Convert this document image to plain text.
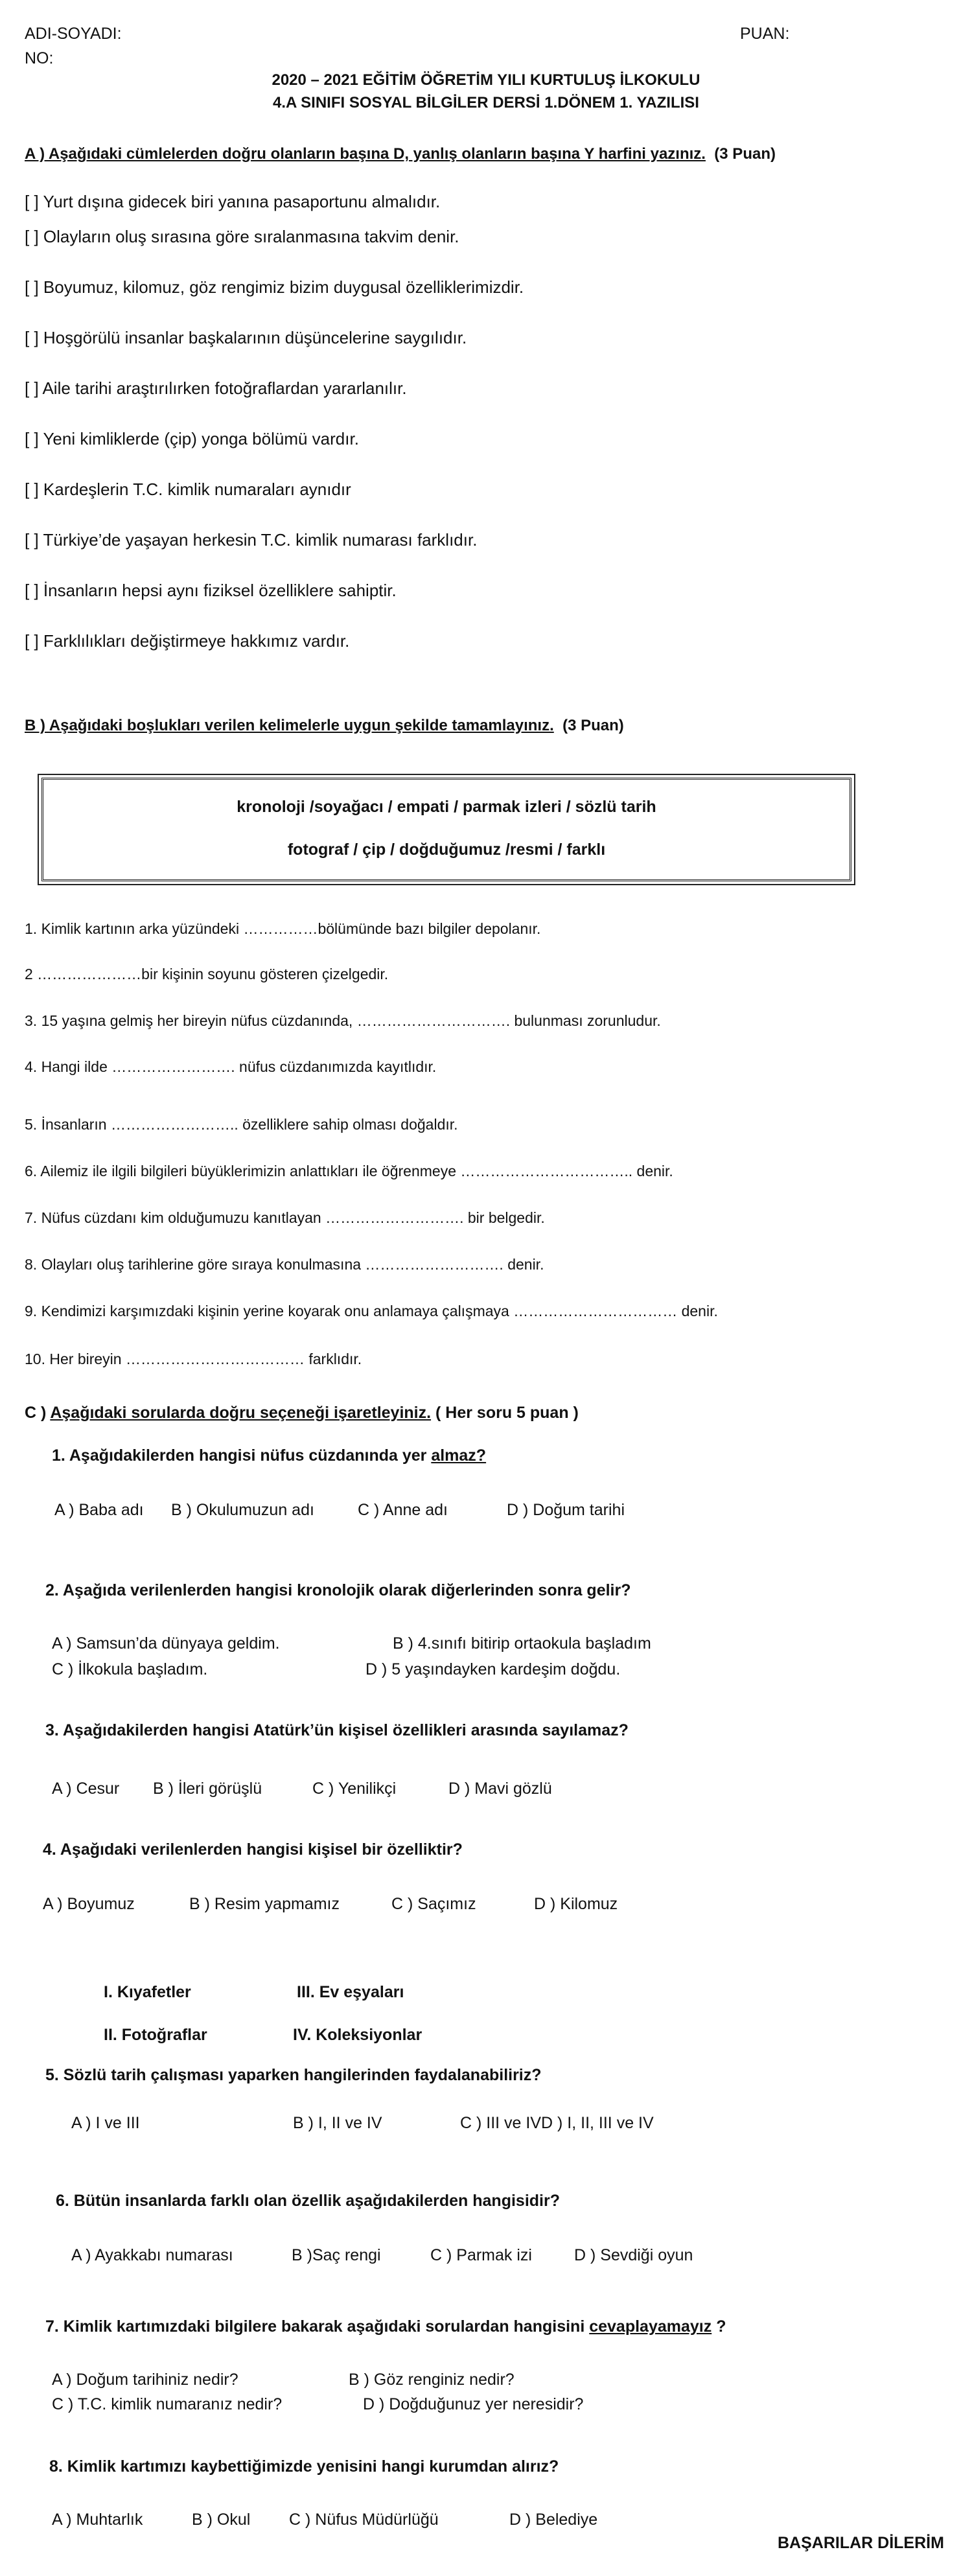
ADI-SOYADI:
NO:
PUAN:
2020 – 2021 EĞİTİM ÖĞRETİM YILI KURTULUŞ İLKOKULU
4.A SINIFI SOSYAL BİLGİLER DERSİ 1.DÖNEM 1. YAZILISI
A ) Aşağıdaki cümlelerden doğru olanların başına D, yanlış olanların başına Y harfini yazınız. (3 Puan)
[ ] Yurt dışına gidecek biri yanına pasaportunu almalıdır.
[ ] Olayların oluş sırasına göre sıralanmasına takvim denir.
[ ] Boyumuz, kilomuz, göz rengimiz bizim duygusal özelliklerimizdir.
[ ] Hoşgörülü insanlar başkalarının düşüncelerine saygılıdır.
[ ] Aile tarihi araştırılırken fotoğraflardan yararlanılır.
[ ] Yeni kimliklerde (çip) yonga bölümü vardır.
[ ] Kardeşlerin T.C. kimlik numaraları aynıdır
[ ] Türkiye’de yaşayan herkesin T.C. kimlik numarası farklıdır.
[ ] İnsanların hepsi aynı fiziksel özelliklere sahiptir.
[ ] Farklılıkları değiştirmeye hakkımız vardır.
B ) Aşağıdaki boşlukları verilen kelimelerle uygun şekilde tamamlayınız. (3 Puan)
kronoloji /soyağacı / empati / parmak izleri / sözlü tarih
fotograf / çip / doğduğumuz /resmi / farklı
1. Kimlik kartının arka yüzündeki ……………bölümünde bazı bilgiler depolanır.
2 …………………bir kişinin soyunu gösteren çizelgedir.
3. 15 yaşına gelmiş her bireyin nüfus cüzdanında, …………………………. bulunması zorunludur.
4. Hangi ilde ……………………. nüfus cüzdanımızda kayıtlıdır.
5. İnsanların …………………….. özelliklere sahip olması doğaldır.
6. Ailemiz ile ilgili bilgileri büyüklerimizin anlattıkları ile öğrenmeye …………………………….. denir.
7. Nüfus cüzdanı kim olduğumuzu kanıtlayan ………………………. bir belgedir.
8. Olayları oluş tarihlerine göre sıraya konulmasına ………………………. denir.
9. Kendimizi karşımızdaki kişinin yerine koyarak onu anlamaya çalışmaya …………………………… denir.
10. Her bireyin ……………………………… farklıdır.
C ) Aşağıdaki sorularda doğru seçeneği işaretleyiniz. ( Her soru 5 puan )
1. Aşağıdakilerden hangisi nüfus cüzdanında yer almaz?
A ) Baba adı B ) Okulumuzun adı	C ) Anne adı	D ) Doğum tarihi
2. Aşağıda verilenlerden hangisi kronolojik olarak diğerlerinden sonra gelir?
A ) Samsun’da dünyaya geldim.	B ) 4.sınıfı bitirip ortaokula başladım
C ) İlkokula başladım.	D ) 5 yaşındayken kardeşim doğdu.
3. Aşağıdakilerden hangisi Atatürk’ün kişisel özellikleri arasında sayılamaz?
A ) Cesur B ) İleri görüşlü	C ) Yenilikçi	D ) Mavi gözlü
4. Aşağıdaki verilenlerden hangisi kişisel bir özelliktir?
A ) Boyumuz	B ) Resim yapmamız	C ) Saçımız	D ) Kilomuz
I. Kıyafetler	III. Ev eşyaları
II. Fotoğraflar	IV. Koleksiyonlar
5. Sözlü tarih çalışması yaparken hangilerinden faydalanabiliriz?
A ) I ve III	B ) I, II ve IV	C ) III ve IVD ) I, II, III ve IV
6. Bütün insanlarda farklı olan özellik aşağıdakilerden hangisidir?
A ) Ayakkabı numarası	B )Saç rengi	C ) Parmak izi	D ) Sevdiği oyun
7. Kimlik kartımızdaki bilgilere bakarak aşağıdaki sorulardan hangisini cevaplayamayız ?
A ) Doğum tarihiniz nedir?	B ) Göz renginiz nedir?
C ) T.C. kimlik numaranız nedir?	D ) Doğduğunuz yer neresidir?
8. Kimlik kartımızı kaybettiğimizde yenisini hangi kurumdan alırız?
A ) Muhtarlık	B ) Okul C ) Nüfus Müdürlüğü	D ) Belediye
BAŞARILAR DİLERİM
